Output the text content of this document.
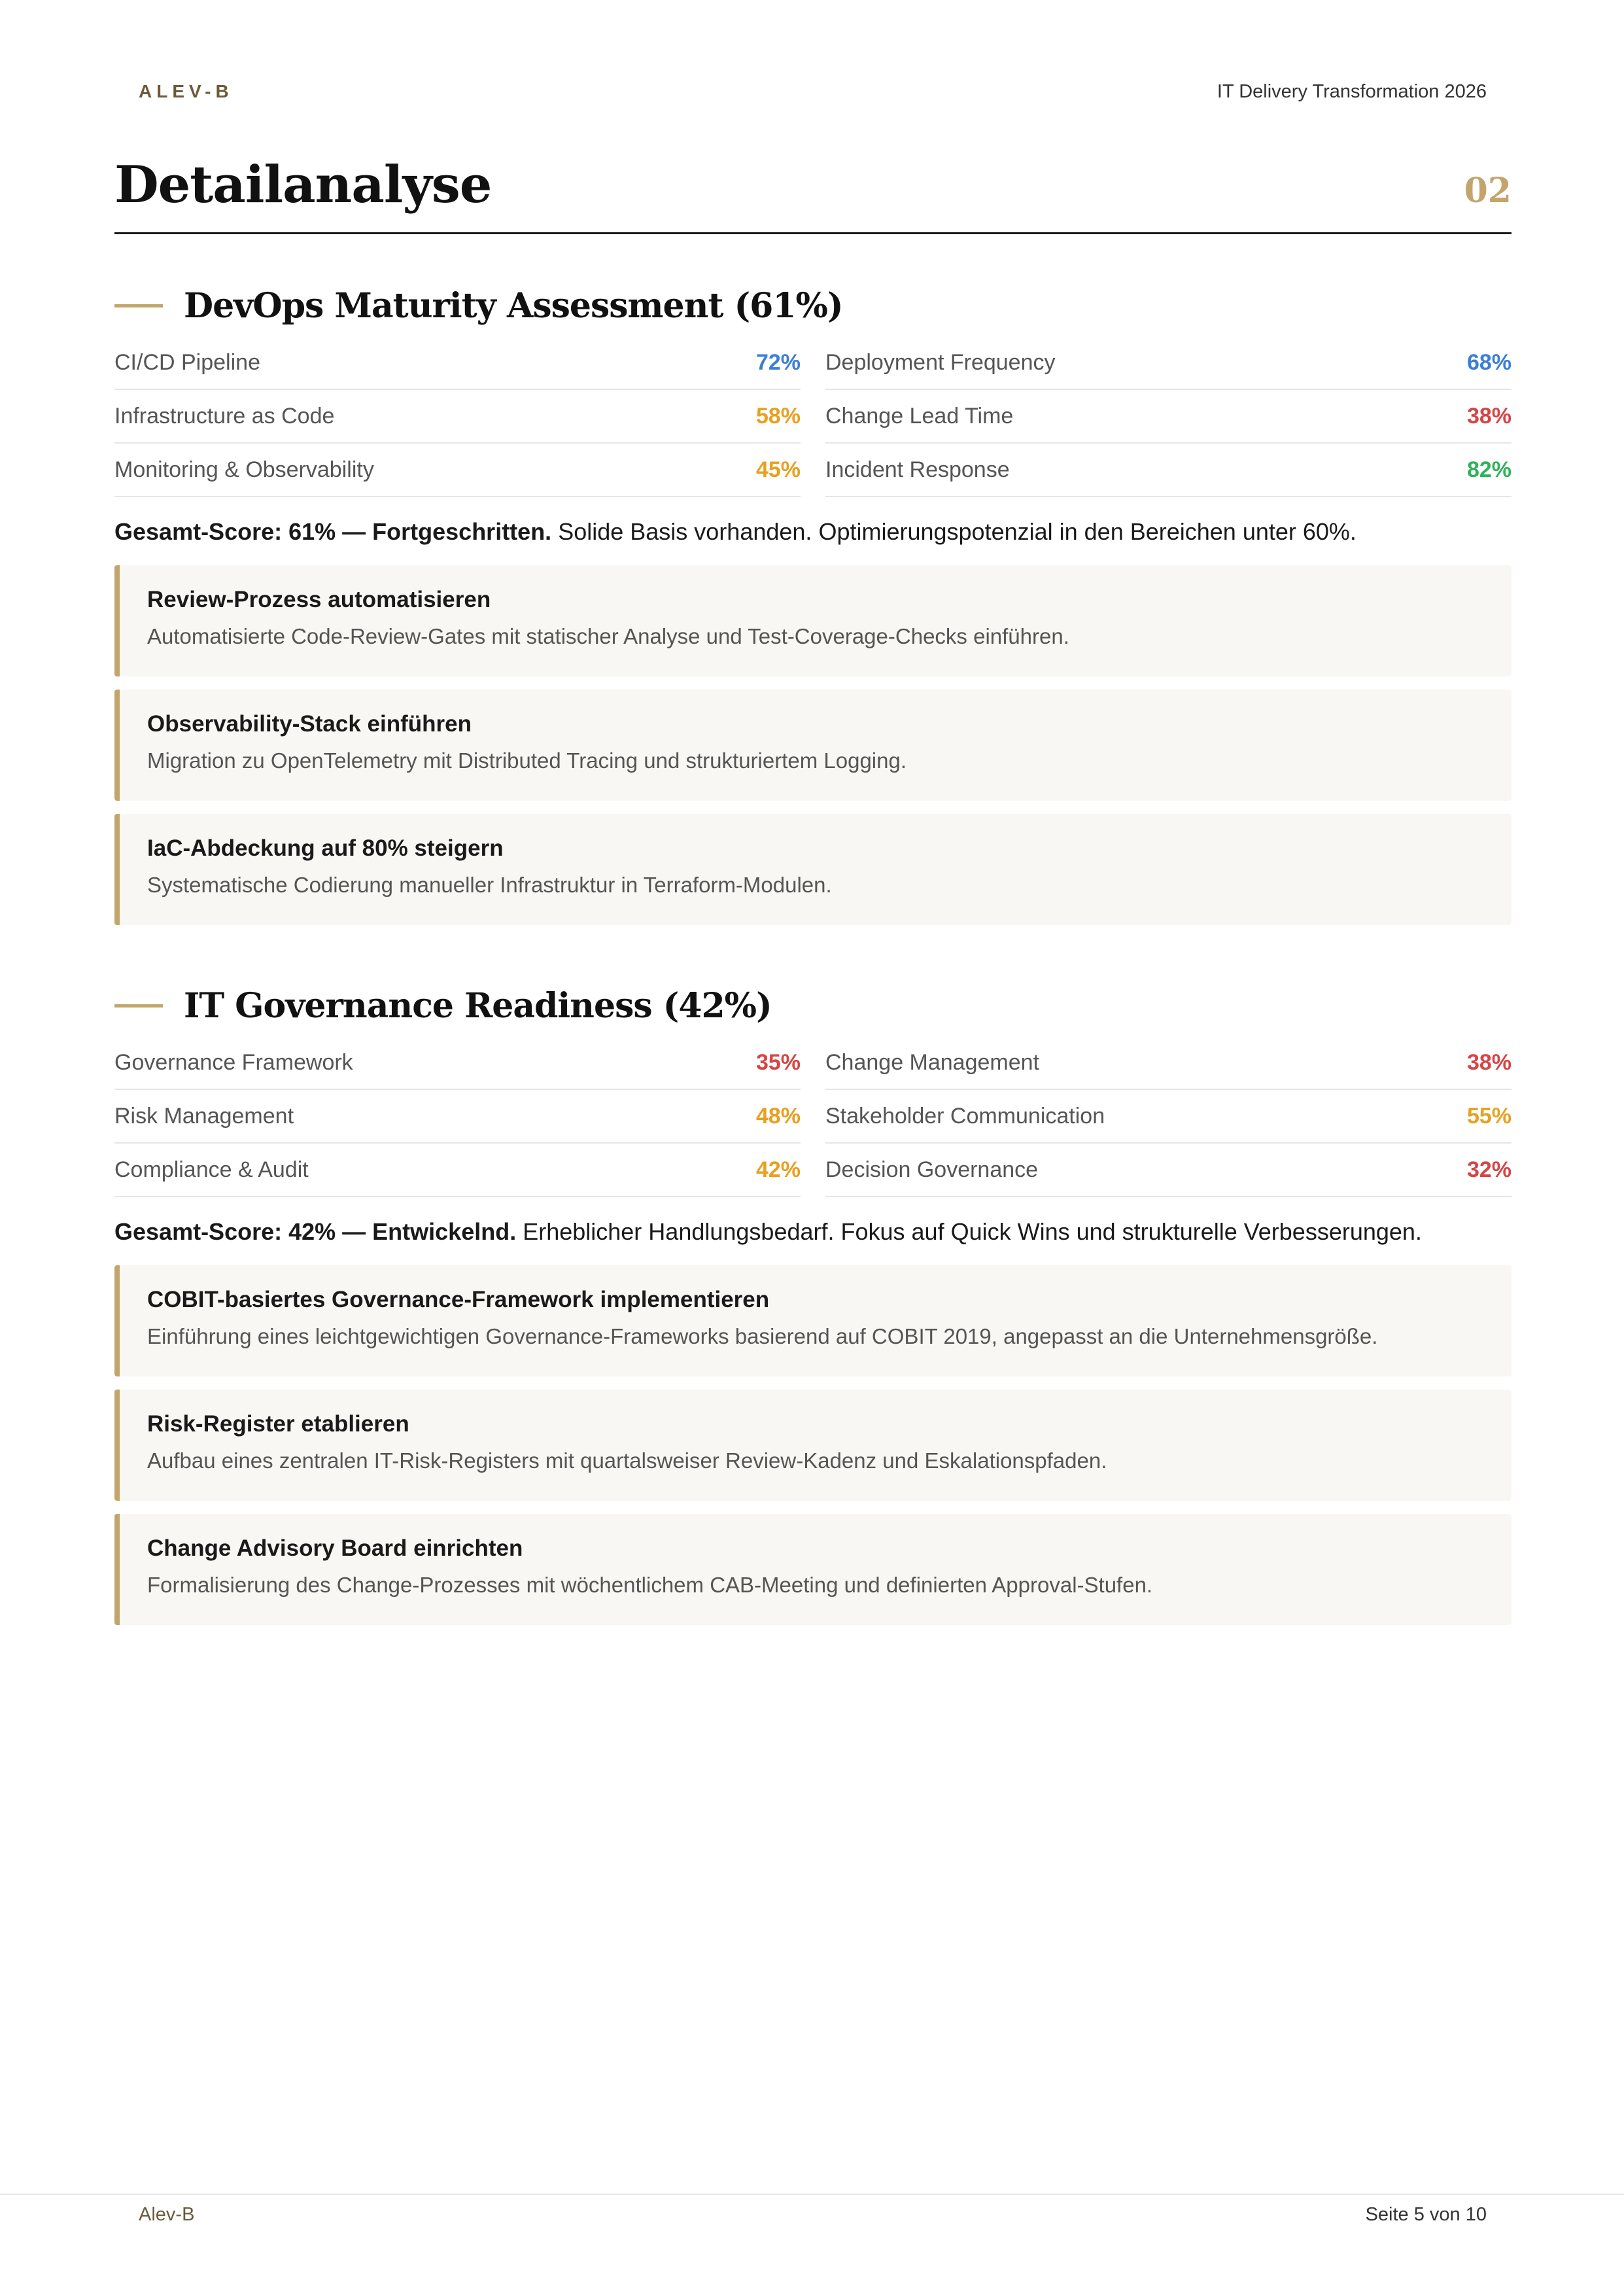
ALEV-B	IT Delivery Transformation 2026
Detailanalyse	02
DevOps Maturity Assessment (61%)
CI/CD Pipeline	72% Deployment Frequency	68%
Infrastructure as Code	58% Change Lead Time	38%
Monitoring & Observability	45% Incident Response	82%

Gesamt-Score: 61% — Fortgeschritten. Solide Basis vorhanden. Optimierungspotenzial in den Bereichen unter 60%.

Review-Prozess automatisieren
Automatisierte Code-Review-Gates mit statischer Analyse und Test-Coverage-Checks einführen.
Observability-Stack einführen
Migration zu OpenTelemetry mit Distributed Tracing und strukturiertem Logging.
IaC-Abdeckung auf 80% steigern
Systematische Codierung manueller Infrastruktur in Terraform-Modulen.
IT Governance Readiness (42%)
Governance Framework	35% Change Management	38%
Risk Management	48% Stakeholder Communication	55%
Compliance & Audit	42% Decision Governance	32%

Gesamt-Score: 42% — Entwickelnd. Erheblicher Handlungsbedarf. Fokus auf Quick Wins und strukturelle Verbesserungen.

COBIT-basiertes Governance-Framework implementieren
Einführung eines leichtgewichtigen Governance-Frameworks basierend auf COBIT 2019, angepasst an die Unternehmensgröße.
Risk-Register etablieren
Aufbau eines zentralen IT-Risk-Registers mit quartalsweiser Review-Kadenz und Eskalationspfaden.
Change Advisory Board einrichten
Formalisierung des Change-Prozesses mit wöchentlichem CAB-Meeting und definierten Approval-Stufen.
Alev-B	Seite 5 von 10
